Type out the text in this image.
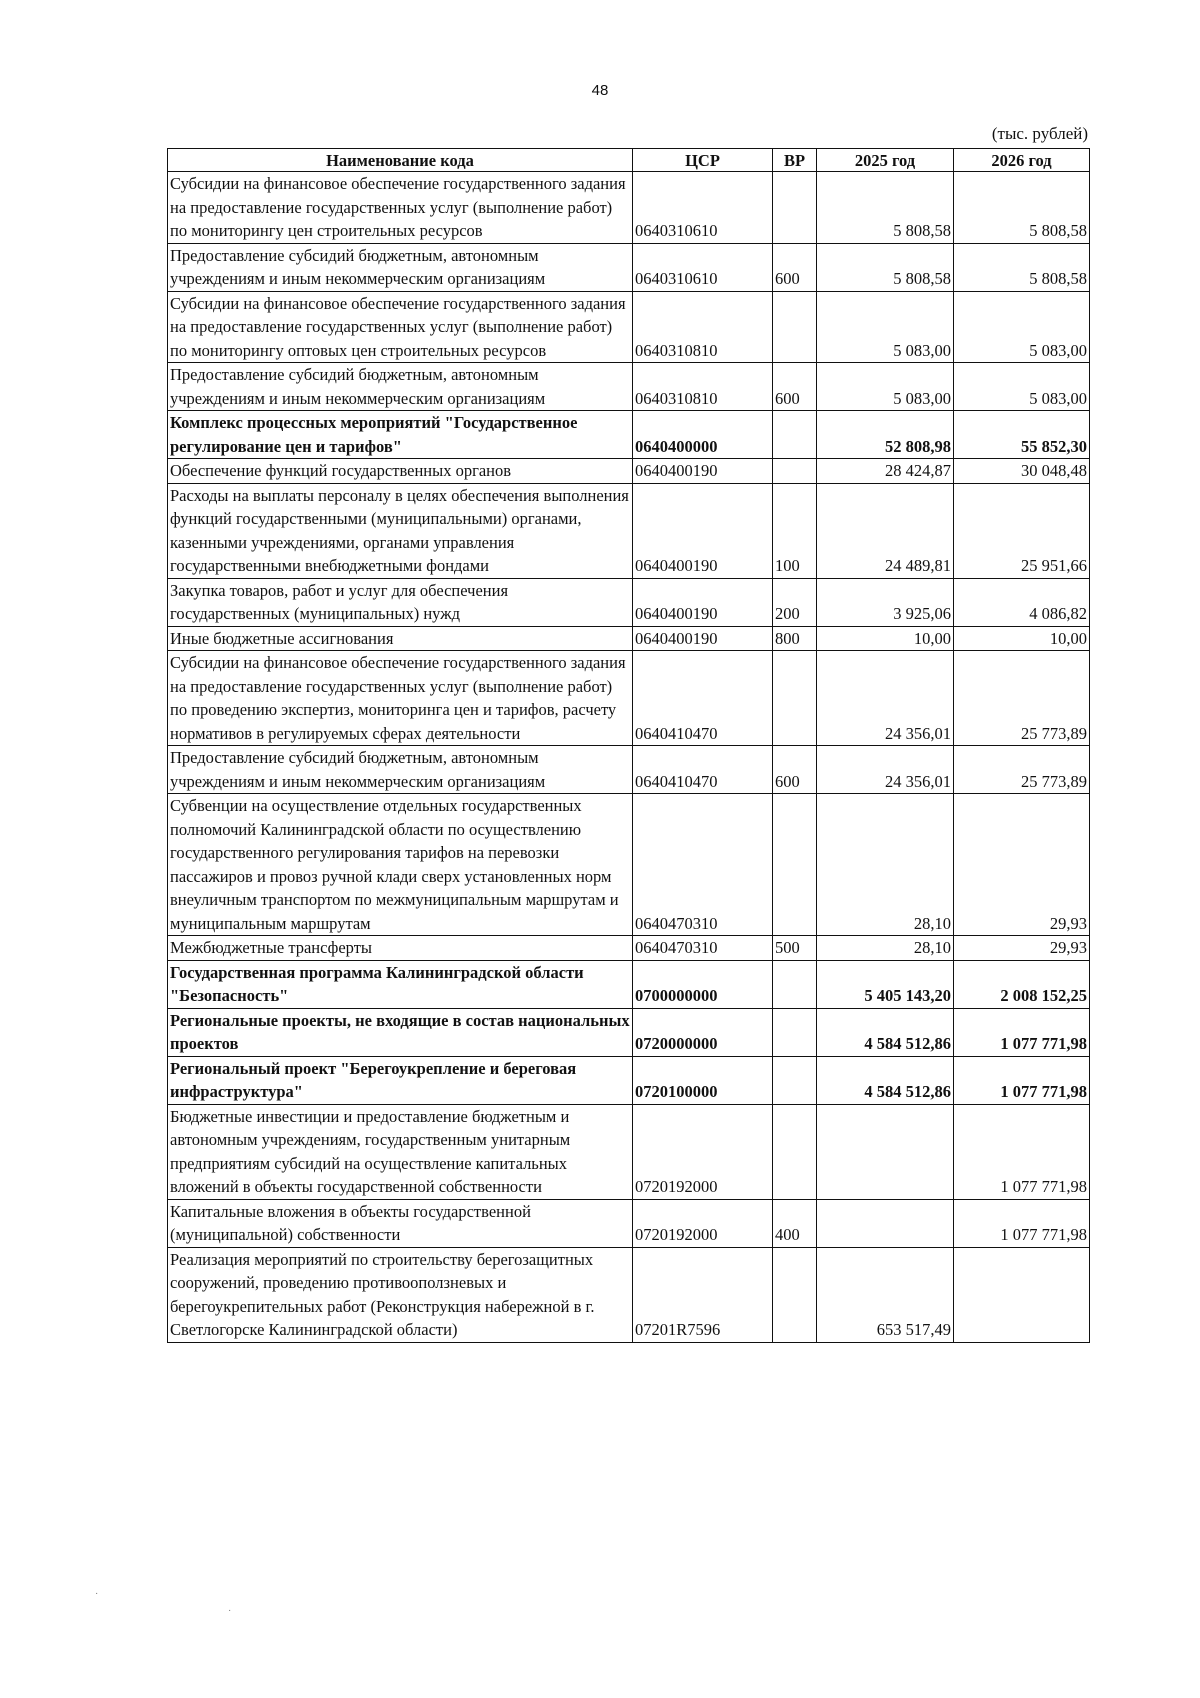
48
(тыс. рублей)
Наименование кода	ЦСР	ВР	2025 год	2026 год
Субсидии на финансовое обеспечение государственного задания на предоставление государственных услуг (выполнение работ) по мониторингу цен строительных ресурсов	0640310610		5 808,58	5 808,58
Предоставление субсидий бюджетным, автономным учреждениям и иным некоммерческим организациям	0640310610	600	5 808,58	5 808,58
Субсидии на финансовое обеспечение государственного задания на предоставление государственных услуг (выполнение работ) по мониторингу оптовых цен строительных ресурсов	0640310810		5 083,00	5 083,00
Предоставление субсидий бюджетным, автономным учреждениям и иным некоммерческим организациям	0640310810	600	5 083,00	5 083,00
Комплекс процессных мероприятий "Государственное регулирование цен и тарифов"	0640400000		52 808,98	55 852,30
Обеспечение функций государственных органов	0640400190		28 424,87	30 048,48
Расходы на выплаты персоналу в целях обеспечения выполнения функций государственными (муниципальными) органами, казенными учреждениями, органами управления государственными внебюджетными фондами	0640400190	100	24 489,81	25 951,66
Закупка товаров, работ и услуг для обеспечения государственных (муниципальных) нужд	0640400190	200	3 925,06	4 086,82
Иные бюджетные ассигнования	0640400190	800	10,00	10,00
Субсидии на финансовое обеспечение государственного задания на предоставление государственных услуг (выполнение работ) по проведению экспертиз, мониторинга цен и тарифов, расчету нормативов в регулируемых сферах деятельности	0640410470		24 356,01	25 773,89
Предоставление субсидий бюджетным, автономным учреждениям и иным некоммерческим организациям	0640410470	600	24 356,01	25 773,89
Субвенции на осуществление отдельных государственных полномочий Калининградской области по осуществлению государственного регулирования тарифов на перевозки пассажиров и провоз ручной клади сверх установленных норм внеуличным транспортом по межмуниципальным маршрутам и муниципальным маршрутам	0640470310		28,10	29,93
Межбюджетные трансферты	0640470310	500	28,10	29,93
Государственная программа Калининградской области "Безопасность"	0700000000		5 405 143,20	2 008 152,25
Региональные проекты, не входящие в состав национальных проектов	0720000000		4 584 512,86	1 077 771,98
Региональный проект "Берегоукрепление и береговая инфраструктура"	0720100000		4 584 512,86	1 077 771,98
Бюджетные инвестиции и предоставление бюджетным и автономным учреждениям, государственным унитарным предприятиям субсидий на осуществление капитальных вложений в объекты государственной собственности	0720192000			1 077 771,98
Капитальные вложения в объекты государственной (муниципальной) собственности	0720192000	400		1 077 771,98
Реализация мероприятий по строительству берегозащитных сооружений, проведению противооползневых и берегоукрепительных работ (Реконструкция набережной в г. Светлогорске Калининградской области)	07201R7596		653 517,49	
·
·
